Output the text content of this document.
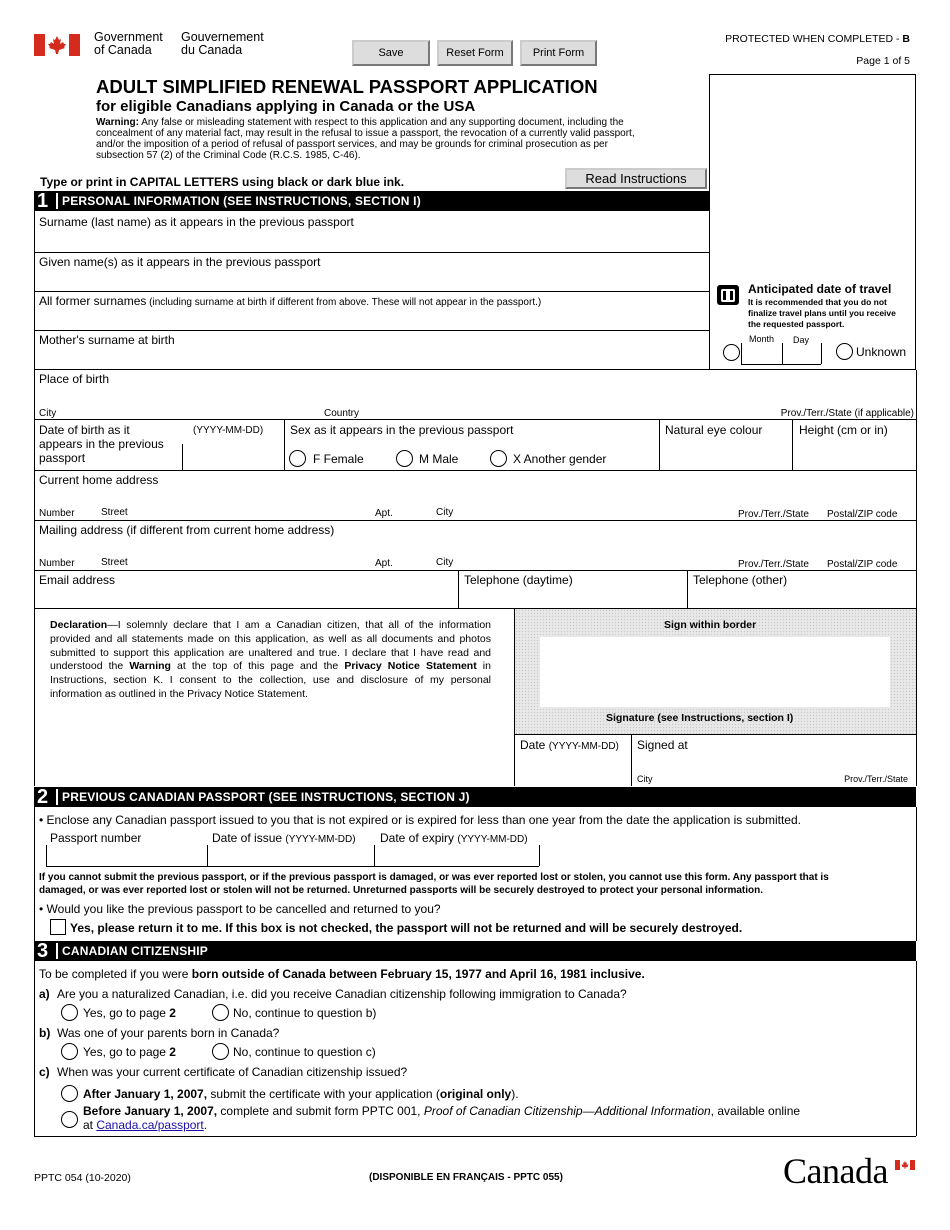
Government
of Canada
Gouvernement
du Canada	Save	Reset Form	Print Form
PROTECTED WHEN COMPLETED - B
Page 1 of 5
ADULT SIMPLIFIED RENEWAL PASSPORT APPLICATION
for eligible Canadians applying in Canada or the USA
Warning: Any false or misleading statement with respect to this application and any supporting document, including the
concealment of any material fact, may result in the refusal to issue a passport, the revocation of a currently valid passport,
and/or the imposition of a period of refusal of passport services, and may be grounds for criminal prosecution as per
subsection 57 (2) of the Criminal Code (R.C.S. 1985, C-46).
Type or print in CAPITAL LETTERS using black or dark blue ink.	Read Instructions
1 PERSONAL INFORMATION (SEE INSTRUCTIONS, SECTION I)
Surname (last name) as it appears in the previous passport
Given name(s) as it appears in the previous passport
All former surnames (including surname at birth if different from above. These will not appear in the passport.)
Mother's surname at birth
Anticipated date of travel
It is recommended that you do not
finalize travel plans until you receive
the requested passport.
Month Day
Unknown
Place of birth
City	Country	Prov./Terr./State (if applicable)
Date of birth as it
appears in the previous
passport
(YYYY-MM-DD) Sex as it appears in the previous passport
F Female	M Male	X Another gender
Natural eye colour	Height (cm or in)
Current home address
Number	Street	Apt.	City	Prov./Terr./State Postal/ZIP code
Mailing address (if different from current home address)
Number	Street	Apt.	City	Prov./Terr./State Postal/ZIP code
Email address	Telephone (daytime)	Telephone (other)
Declaration—I solemnly declare that I am a Canadian citizen, that all of the information provided and all statements made on this application, as well as all documents and photos submitted to support this application are unaltered and true. I declare that I have read and understood the Warning at the top of this page and the Privacy Notice Statement in Instructions, section K. I consent to the collection, use and disclosure of my personal information as outlined in the Privacy Notice Statement.
Sign within border
Signature (see Instructions, section I)
Date (YYYY-MM-DD) Signed at
City	Prov./Terr./State
2 PREVIOUS CANADIAN PASSPORT (SEE INSTRUCTIONS, SECTION J)
• Enclose any Canadian passport issued to you that is not expired or is expired for less than one year from the date the application is submitted.
Passport number	Date of issue (YYYY-MM-DD) Date of expiry (YYYY-MM-DD)
If you cannot submit the previous passport, or if the previous passport is damaged, or was ever reported lost or stolen, you cannot use this form. Any passport that is
damaged, or was ever reported lost or stolen will not be returned. Unreturned passports will be securely destroyed to protect your personal information.
• Would you like the previous passport to be cancelled and returned to you?
Yes, please return it to me. If this box is not checked, the passport will not be returned and will be securely destroyed.
3 CANADIAN CITIZENSHIP
To be completed if you were born outside of Canada between February 15, 1977 and April 16, 1981 inclusive.
a) Are you a naturalized Canadian, i.e. did you receive Canadian citizenship following immigration to Canada?
Yes, go to page 2	No, continue to question b)
b) Was one of your parents born in Canada?
Yes, go to page 2	No, continue to question c)
c) When was your current certificate of Canadian citizenship issued?
After January 1, 2007, submit the certificate with your application (original only).
Before January 1, 2007, complete and submit form PPTC 001, Proof of Canadian Citizenship—Additional Information, available online
at Canada.ca/passport.
PPTC 054 (10-2020)	(DISPONIBLE EN FRANÇAIS - PPTC 055)	Canada
